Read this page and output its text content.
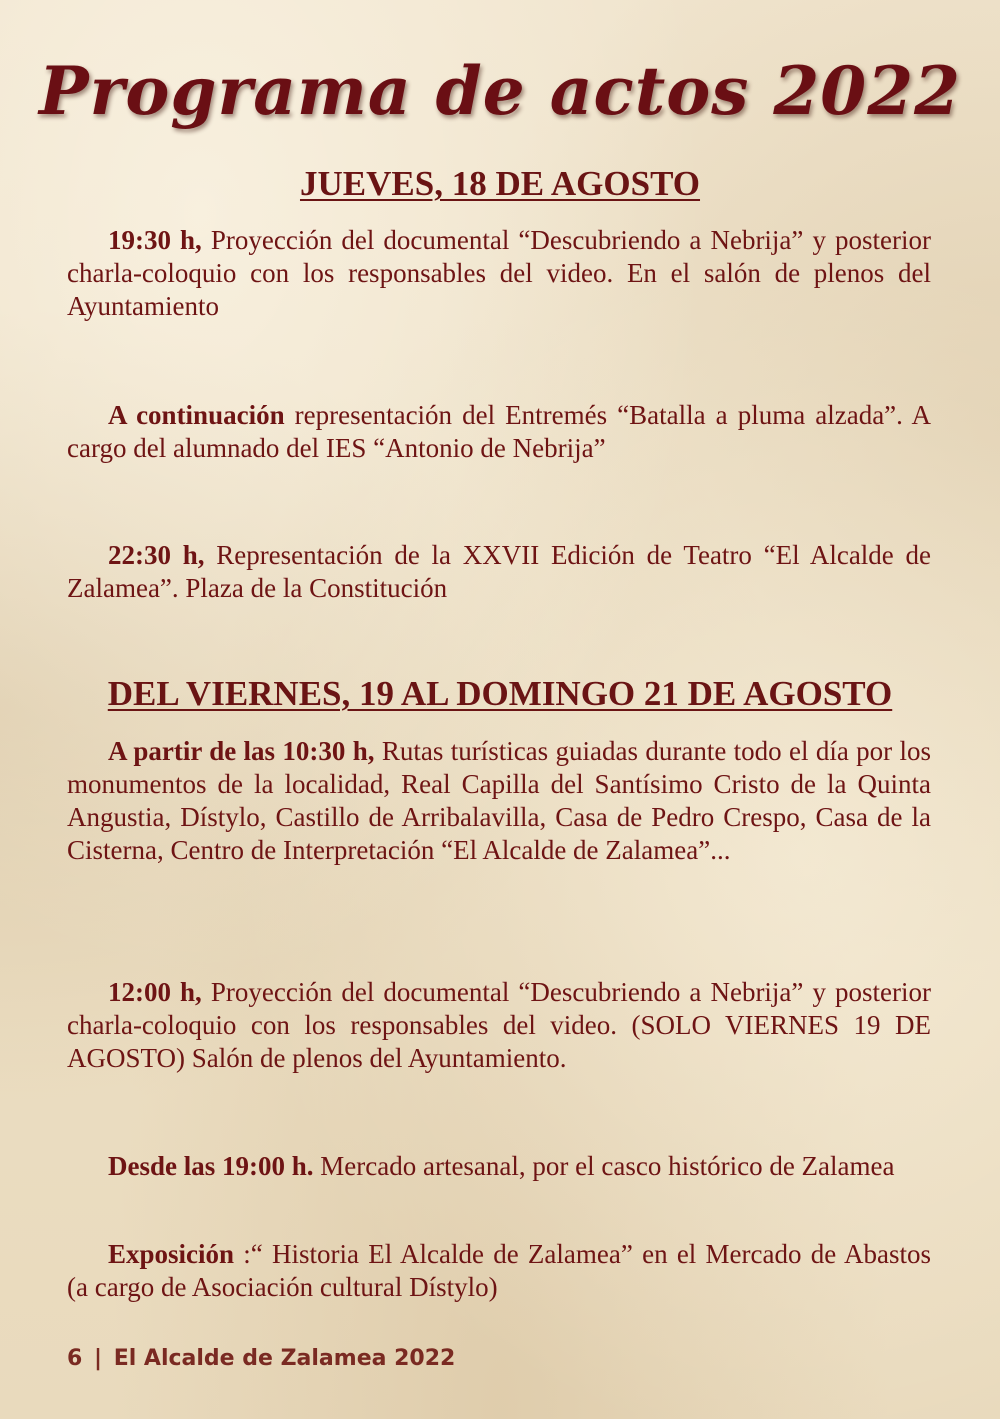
Programa de actos 2022
JUEVES, 18 DE AGOSTO

19:30 h, Proyección del documental “Descubriendo a Nebrija” y posterior charla-coloquio con los responsables del video. En el salón de plenos del Ayuntamiento

A continuación representación del Entremés “Batalla a pluma alzada”. A cargo del alumnado del IES “Antonio de Nebrija”

22:30 h, Representación de la XXVII Edición de Teatro “El Alcalde de Zalamea”. Plaza de la Constitución

DEL VIERNES, 19 AL DOMINGO 21 DE AGOSTO

A partir de las 10:30 h, Rutas turísticas guiadas durante todo el día por los monumentos de la localidad, Real Capilla del Santísimo Cristo de la Quinta Angustia, Dístylo, Castillo de Arribalavilla, Casa de Pedro Crespo, Casa de la Cisterna, Centro de Interpretación “El Alcalde de Zalamea”...

12:00 h, Proyección del documental “Descubriendo a Nebrija” y posterior charla-coloquio con los responsables del video. (SOLO VIERNES 19 DE AGOSTO) Salón de plenos del Ayuntamiento.

Desde las 19:00 h. Mercado artesanal, por el casco histórico de Zalamea

Exposición :“ Historia El Alcalde de Zalamea” en el Mercado de Abastos (a cargo de Asociación cultural Dístylo)

6 | El Alcalde de Zalamea 2022
